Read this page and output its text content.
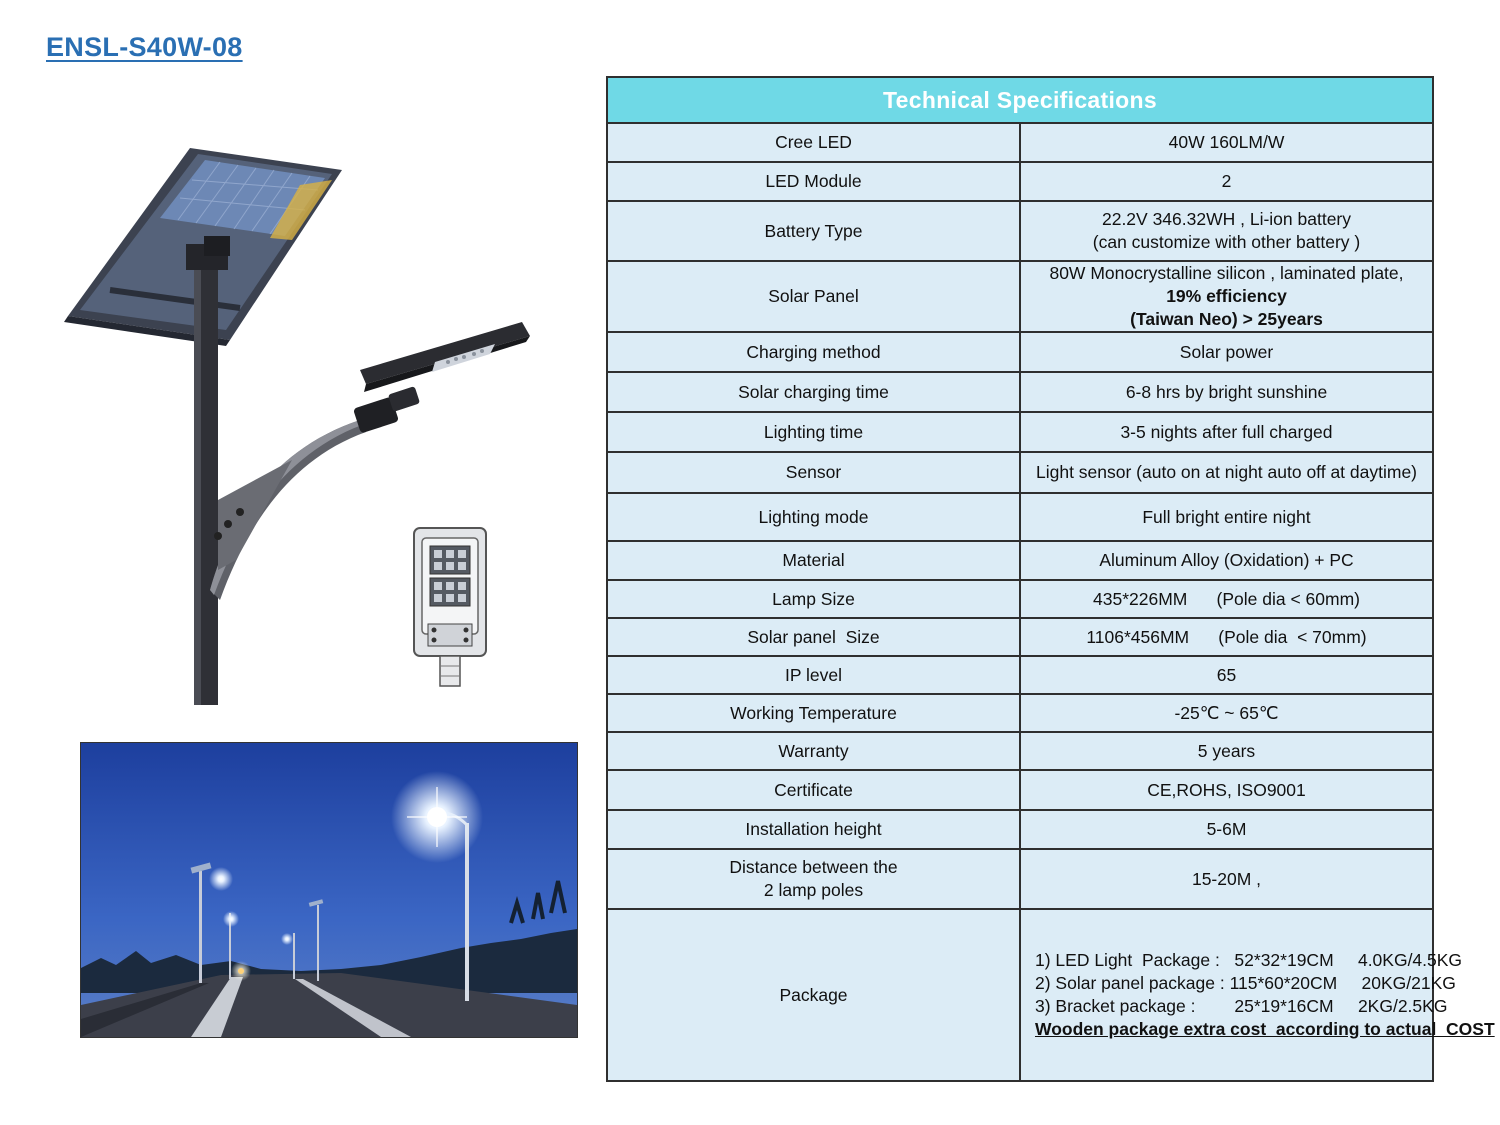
ENSL-S40W-08
Technical Specifications	
Cree LED	40W 160LM/W
LED Module	2
Battery Type	22.2V 346.32WH , Li-ion battery
(can customize with other battery )

Solar Panel	80W Monocrystalline silicon , laminated plate, 19% efficiency
(Taiwan Neo) > 25years

Charging method	Solar power
Solar charging time	6-8 hrs by bright sunshine
Lighting time	3-5 nights after full charged
Sensor	Light sensor (auto on at night auto off at daytime)
Lighting mode	Full bright entire night
Material	Aluminum Alloy (Oxidation) + PC
Lamp Size	435*226MM      (Pole dia < 60mm)
Solar panel  Size	1106*456MM      (Pole dia  < 70mm)
IP level	65
Working Temperature	-25℃ ~ 65℃
Warranty	5 years
Certificate	CE,ROHS, ISO9001
Installation height	5-6M

Distance between the
2 lamp poles	15-20M ,
Package	1) LED Light  Package :   52*32*19CM     4.0KG/4.5KG
2) Solar panel package : 115*60*20CM     20KG/21KG
3) Bracket package :        25*19*16CM     2KG/2.5KG
Wooden package extra cost  according to actual  COST
